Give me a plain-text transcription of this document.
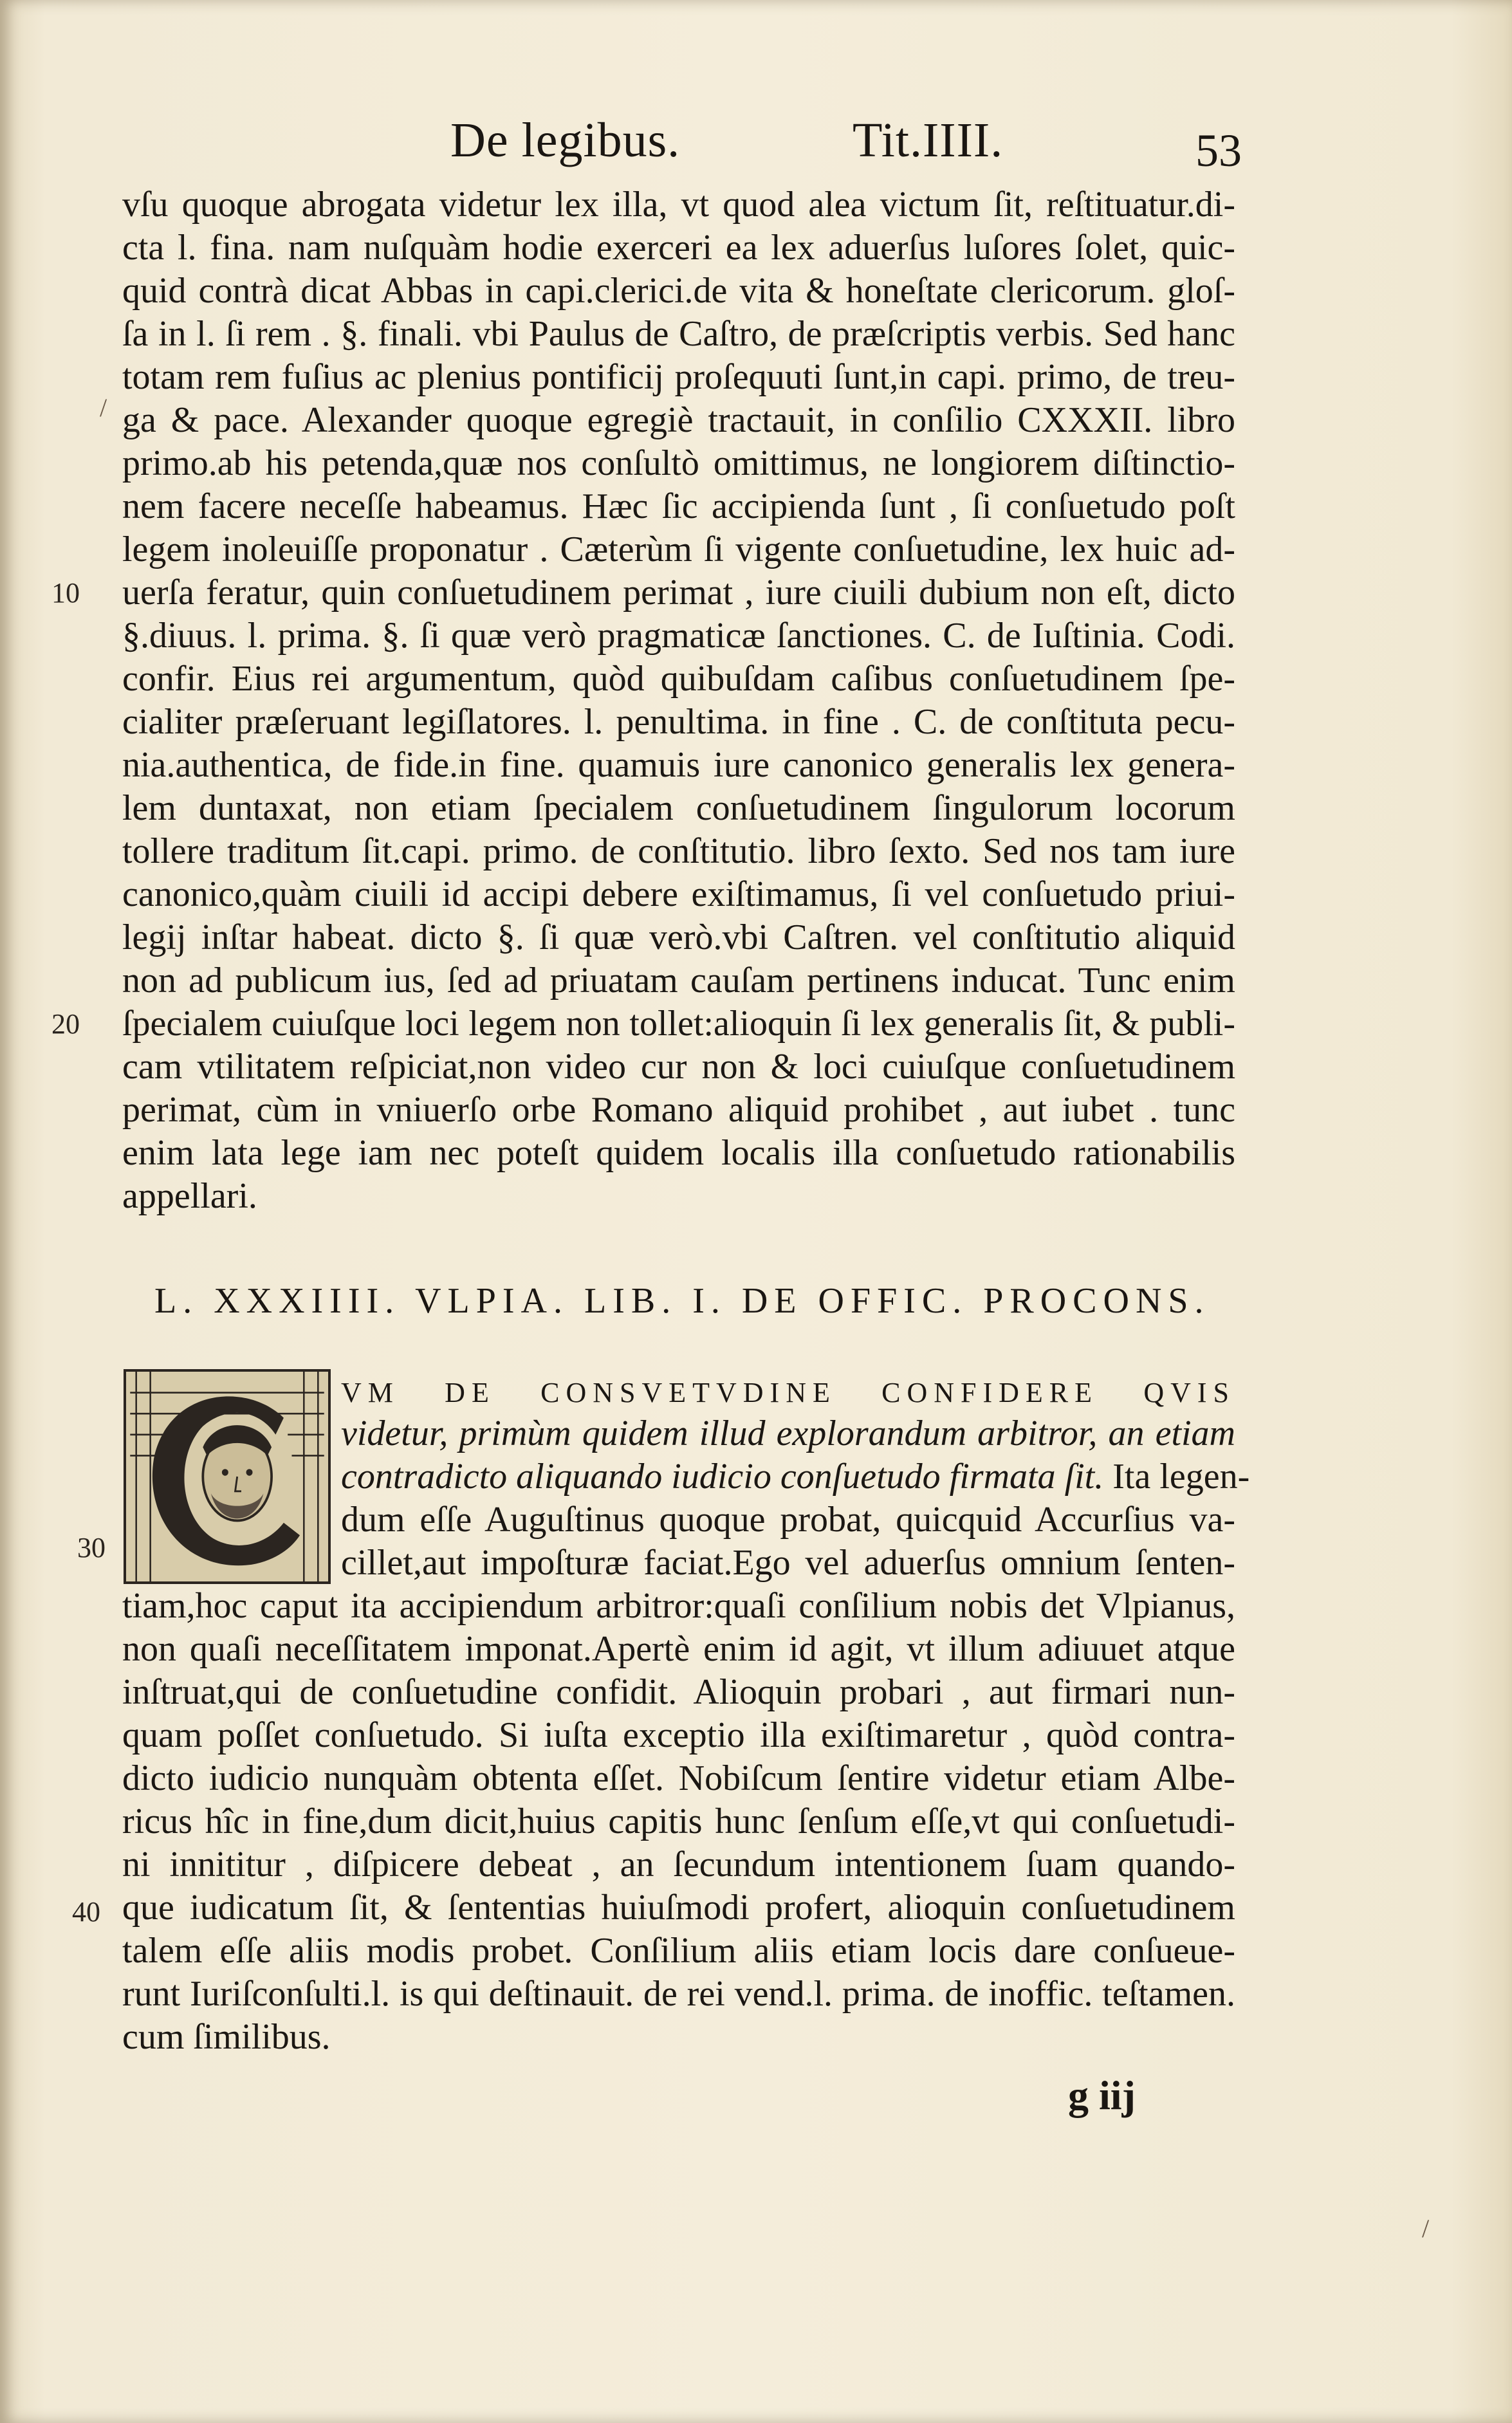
De legibus.	Tit.IIII.	53
vſu quoque abrogata videtur lex illa, vt quod alea victum ſit, reſtituatur.di-
cta l. fina. nam nuſquàm hodie exerceri ea lex aduerſus luſores ſolet, quic-
quid contrà dicat Abbas in capi.clerici.de vita & honeſtate clericorum. gloſ-
ſa in l. ſi rem . §. finali. vbi Paulus de Caſtro, de præſcriptis verbis. Sed hanc
totam rem fuſius ac plenius pontificij proſequuti ſunt,in capi. primo, de treu-
ga & pace. Alexander quoque egregiè tractauit, in conſilio CXXXII. libro
primo.ab his petenda,quæ nos conſultò omittimus, ne longiorem diſtinctio-
nem facere neceſſe habeamus. Hæc ſic accipienda ſunt , ſi conſuetudo poſt
legem inoleuiſſe proponatur . Cæterùm ſi vigente conſuetudine, lex huic ad-
uerſa feratur, quin conſuetudinem perimat , iure ciuili dubium non eſt, dicto
§.diuus. l. prima. §. ſi quæ verò pragmaticæ ſanctiones. C. de Iuſtinia. Codi.
confir. Eius rei argumentum, quòd quibuſdam caſibus conſuetudinem ſpe-
cialiter præſeruant legiſlatores. l. penultima. in fine . C. de conſtituta pecu-
nia.authentica, de fide.in fine. quamuis iure canonico generalis lex genera-
lem duntaxat, non etiam ſpecialem conſuetudinem ſingulorum locorum
tollere traditum ſit.capi. primo. de conſtitutio. libro ſexto. Sed nos tam iure
canonico,quàm ciuili id accipi debere exiſtimamus, ſi vel conſuetudo priui-
legij inſtar habeat. dicto §. ſi quæ verò.vbi Caſtren. vel conſtitutio aliquid
non ad publicum ius, ſed ad priuatam cauſam pertinens inducat. Tunc enim
ſpecialem cuiuſque loci legem non tollet:alioquin ſi lex generalis ſit, & publi-
cam vtilitatem reſpiciat,non video cur non & loci cuiuſque conſuetudinem
perimat, cùm in vniuerſo orbe Romano aliquid prohibet , aut iubet . tunc
enim lata lege iam nec poteſt quidem localis illa conſuetudo rationabilis
appellari.
10
20
30
40
L. XXXIIII. VLPIA. LIB. I. DE OFFIC. PROCONS.
VM DE CONSVETVDINE CONFIDERE QVIS
videtur, primùm quidem illud explorandum arbitror, an etiam
contradicto aliquando iudicio conſuetudo firmata ſit. Ita legen-
dum eſſe Auguſtinus quoque probat, quicquid Accurſius va-
cillet,aut impoſturæ faciat.Ego vel aduerſus omnium ſenten-
tiam,hoc caput ita accipiendum arbitror:quaſi conſilium nobis det Vlpianus,
non quaſi neceſſitatem imponat.Apertè enim id agit, vt illum adiuuet atque
inſtruat,qui de conſuetudine confidit. Alioquin probari , aut firmari nun-
quam poſſet conſuetudo. Si iuſta exceptio illa exiſtimaretur , quòd contra-
dicto iudicio nunquàm obtenta eſſet. Nobiſcum ſentire videtur etiam Albe-
ricus hîc in fine,dum dicit,huius capitis hunc ſenſum eſſe,vt qui conſuetudi-
ni innititur , diſpicere debeat , an ſecundum intentionem ſuam quando-
que iudicatum ſit, & ſententias huiuſmodi profert, alioquin conſuetudinem
talem eſſe aliis modis probet. Conſilium aliis etiam locis dare conſueue-
runt Iuriſconſulti.l. is qui deſtinauit. de rei vend.l. prima. de inoffic. teſtamen.
cum ſimilibus.
g iij
/
/
